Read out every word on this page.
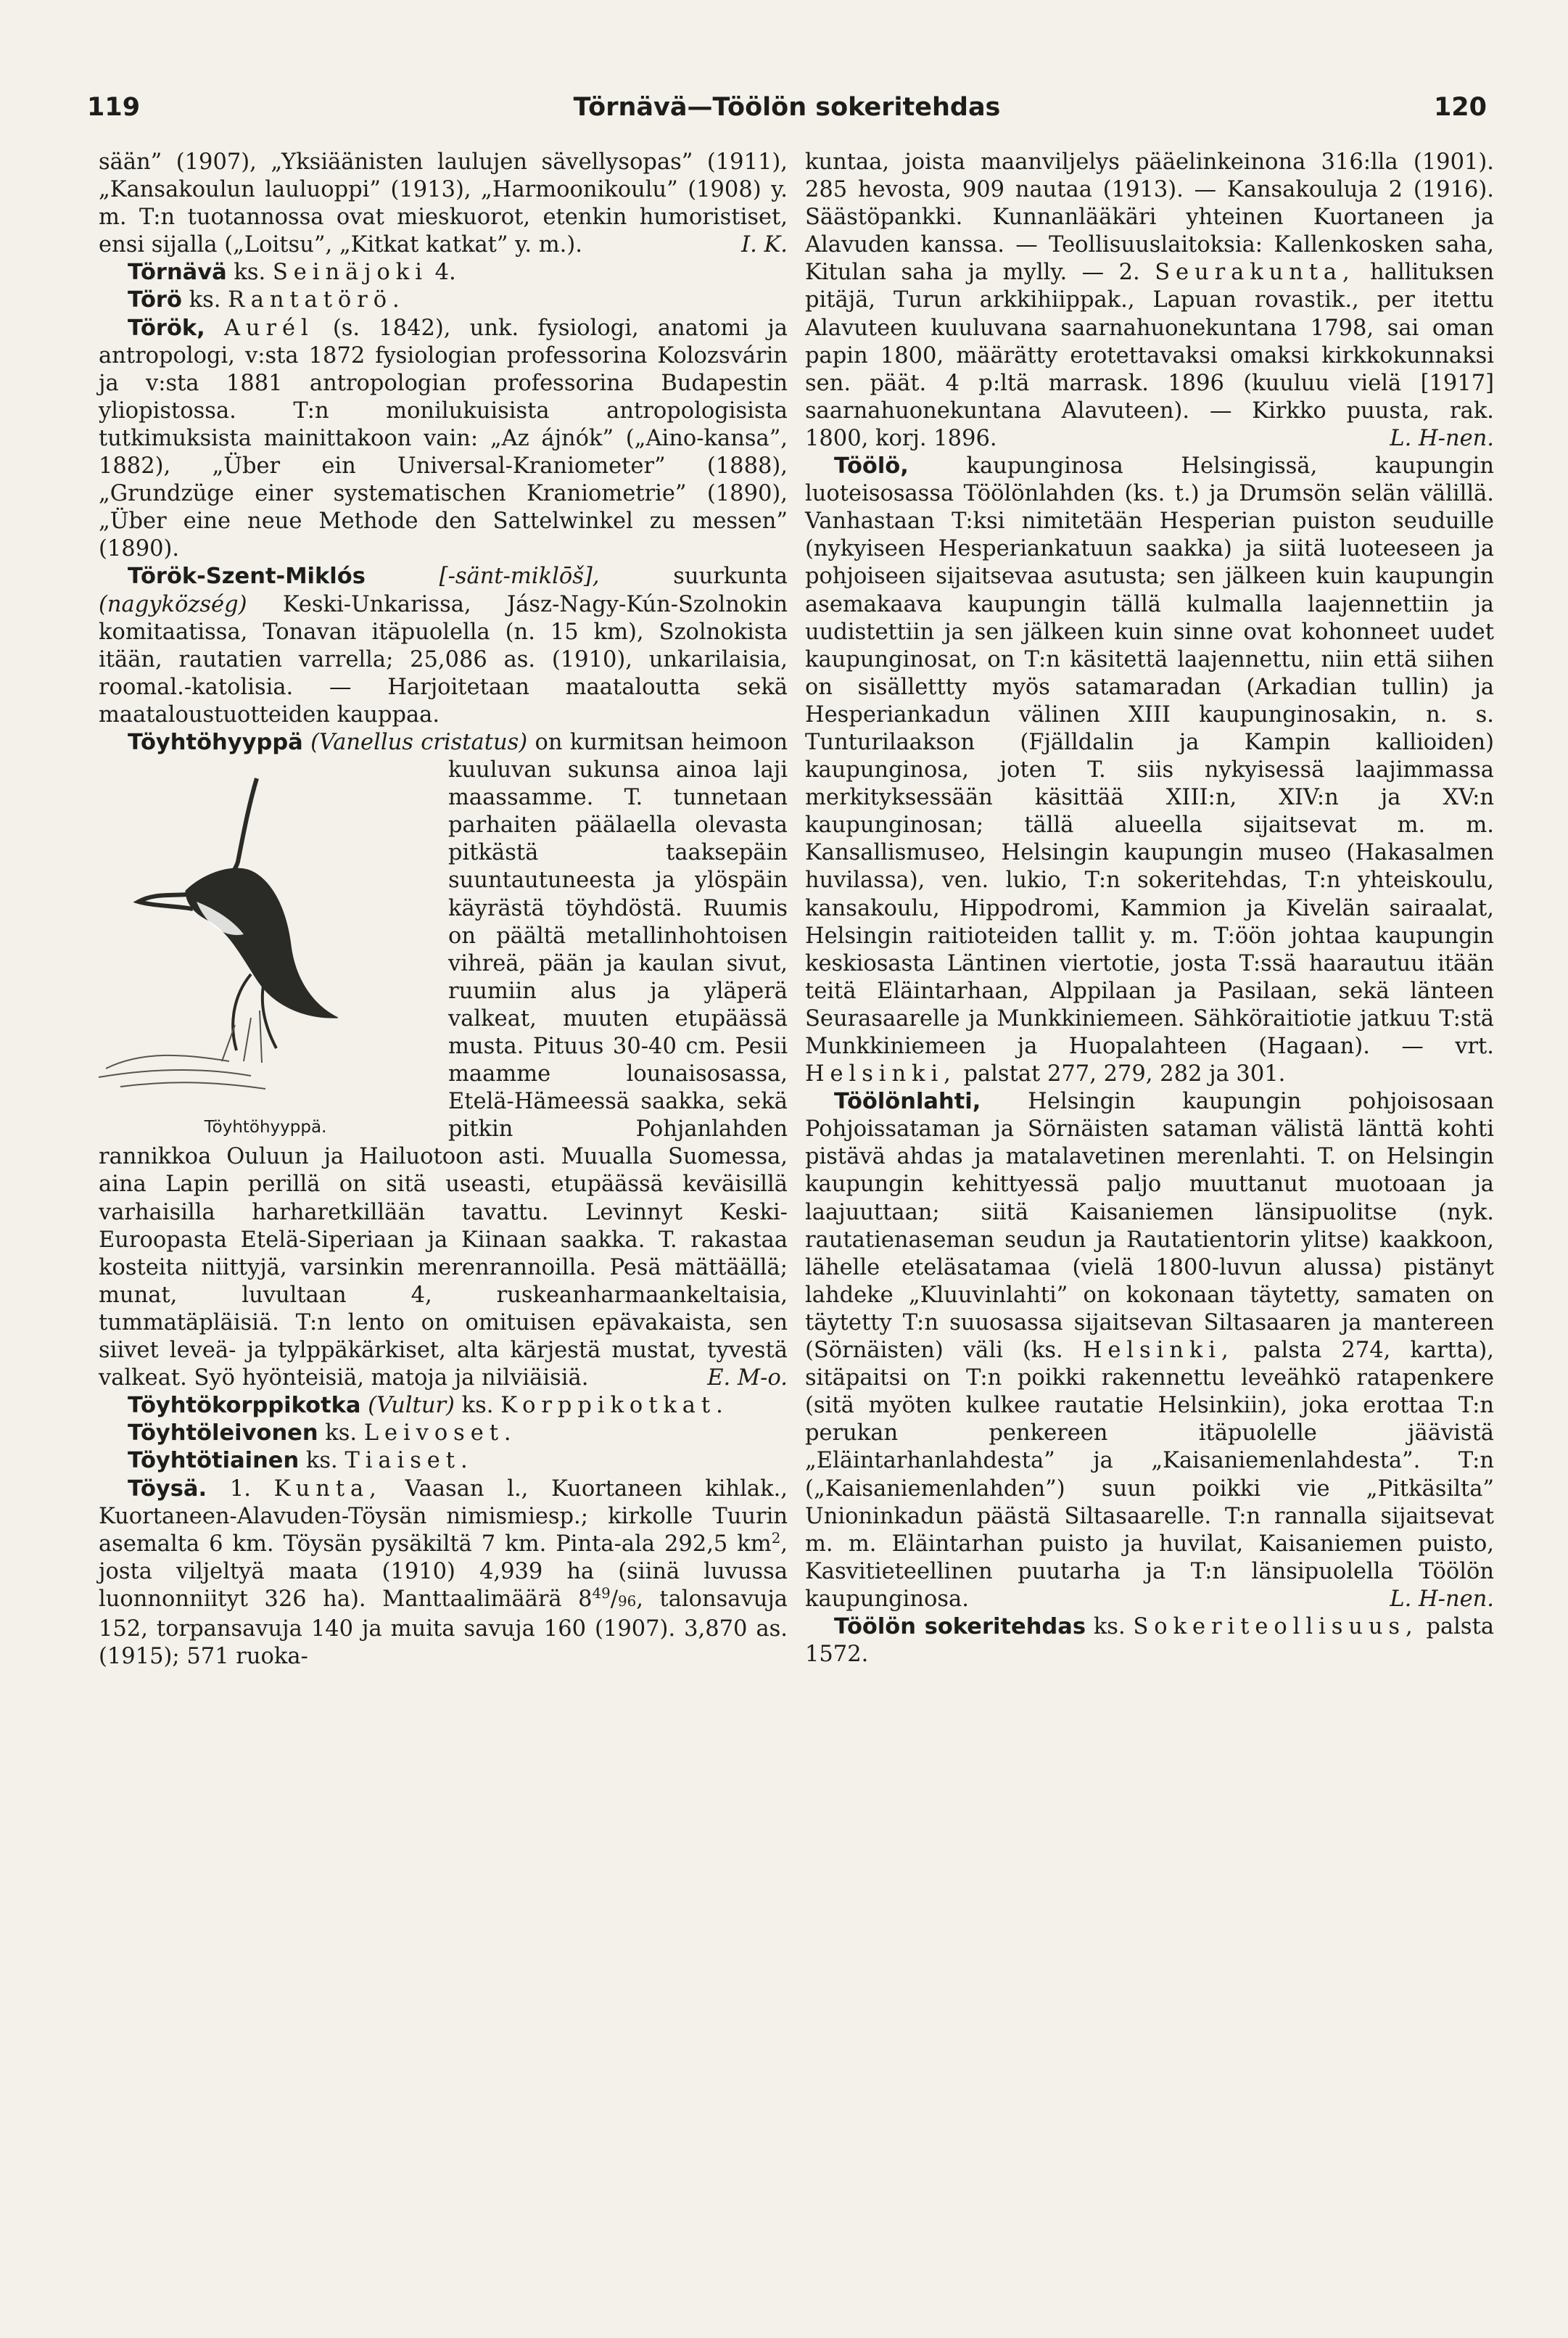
119	Törnävä—Töölön sokeritehdas	120

sään” (1907), „Yksiäänisten laulujen sävellysopas” (1911), „Kansakoulun lauluoppi” (1913), „Harmoonikoulu” (1908) y. m. T:n tuotannossa ovat mieskuorot, etenkin humoristiset, ensi sijalla („Loitsu”, „Kitkat katkat” y. m.).	I. K.

Törnävä ks. Seinäjoki 4.

Törö ks. Rantatörö.

Török, Aurél (s. 1842), unk. fysiologi, anatomi ja antropologi, v:sta 1872 fysiologian professorina Kolozsvárin ja v:sta 1881 antropologian professorina Budapestin yliopistossa. T:n monilukuisista antropologisista tutkimuksista mainittakoon vain: „Az ájnók” („Aino-kansa”, 1882), „Über ein Universal-Kraniometer” (1888), „Grundzüge einer systematischen Kraniometrie” (1890), „Über eine neue Methode den Sattelwinkel zu messen” (1890).

Török-Szent-Miklós	[-sänt-miklōš],	suurkunta (nagyközség) Keski-Unkarissa, Jász-Nagy-Kún-Szolnokin komitaatissa, Tonavan itäpuolella (n. 15 km), Szolnokista itään, rautatien varrella; 25,086 as. (1910), unkarilaisia, roomal.-katolisia. — Harjoitetaan maataloutta sekä maataloustuotteiden kauppaa.

Töyhtöhyyppä (Vanellus cristatus) on kurmitsan heimoon kuuluvan sukunsa ainoa laji
Töyhtöhyyppä.
maassamme. T. tunnetaan parhaiten päälaella olevasta pitkästä taaksepäin suuntautuneesta ja ylöspäin käyrästä töyhdöstä. Ruumis on päältä metallinhohtoisen vihreä, pään ja kaulan sivut, ruumiin alus ja yläperä valkeat, muuten etupäässä musta. Pituus 30-40 cm. Pesii maamme lounaisosassa, Etelä-Hämeessä saakka, sekä pitkin Pohjanlahden rannikkoa Ouluun ja Hailuotoon asti. Muualla Suomessa, aina Lapin perillä on sitä useasti, etupäässä keväisillä varhaisilla harharetkillään tavattu. Levinnyt Keski-Euroopasta Etelä-Siperiaan ja Kiinaan saakka. T. rakastaa kosteita niittyjä, varsinkin merenrannoilla. Pesä mättäällä; munat, luvultaan 4, ruskeanharmaankeltaisia, tummatäpläisiä. T:n lento on omituisen epävakaista, sen siivet leveä- ja tylppäkärkiset, alta kärjestä mustat, tyvestä valkeat. Syö hyönteisiä, matoja ja nilviäisiä.	E. M-o.

Töyhtökorppikotka (Vultur) ks. Korppikotkat.

Töyhtöleivonen ks. Leivoset.

Töyhtötiainen ks. Tiaiset.

Töysä. 1. Kunta, Vaasan l., Kuortaneen kihlak., Kuortaneen-Alavuden-Töysän nimismiesp.; kirkolle Tuurin asemalta 6 km. Töysän pysäkiltä 7 km. Pinta-ala 292,5 $km^2$, josta viljeltyä maata (1910) 4,939 ha (siinä luvussa luonnonniityt 326 ha). Manttaalimäärä $8^{49}/96$, talonsavuja 152, torpansavuja 140 ja muita savuja 160 (1907). 3,870 as. (1915); 571 ruoka-

kuntaa, joista maanviljelys pääelinkeinona 316:lla (1901). 285 hevosta, 909 nautaa (1913). — Kansakouluja 2 (1916). Säästöpankki. Kunnanlääkäri yhteinen Kuortaneen ja Alavuden kanssa. — Teollisuuslaitoksia: Kallenkosken saha, Kitulan saha ja mylly. — 2. Seurakunta, hallituksen pitäjä, Turun arkkihiippak., Lapuan rovastik., per itettu Alavuteen kuuluvana saarnahuonekuntana 1798, sai oman papin 1800, määrätty erotettavaksi omaksi kirkkokunnaksi sen. päät. 4 p:ltä marrask. 1896 (kuuluu vielä [1917] saarnahuonekuntana Alavuteen). — Kirkko puusta, rak. 1800, korj. 1896.	L. H-nen.

Töölö,	kaupunginosa Helsingissä, kaupungin luoteisosassa Töölönlahden (ks. t.) ja Drumsön selän välillä. Vanhastaan T:ksi nimitetään Hesperian puiston seuduille (nykyiseen Hesperiankatuun saakka) ja siitä luoteeseen ja pohjoiseen sijaitsevaa asutusta; sen jälkeen kuin kaupungin asemakaava kaupungin tällä kulmalla laajennettiin ja uudistettiin ja sen jälkeen kuin sinne ovat kohonneet uudet kaupunginosat, on T:n käsitettä laajennettu, niin että siihen on sisällettty myös satamaradan (Arkadian tullin) ja Hesperiankadun välinen XIII kaupunginosakin, n. s. Tunturilaakson (Fjälldalin ja Kampin kallioiden) kaupunginosa, joten T. siis nykyisessä laajimmassa merkityksessään käsittää XIII:n, XIV:n ja XV:n kaupunginosan; tällä alueella sijaitsevat m. m. Kansallismuseo, Helsingin kaupungin museo (Hakasalmen huvilassa), ven. lukio, T:n sokeritehdas, T:n yhteiskoulu, kansakoulu, Hippodromi, Kammion ja Kivelän sairaalat, Helsingin raitioteiden tallit y. m. T:öön johtaa kaupungin keskiosasta Läntinen viertotie, josta T:ssä haarautuu itään teitä Eläintarhaan, Alppilaan ja Pasilaan, sekä länteen Seurasaarelle ja Munkkiniemeen. Sähköraitiotie jatkuu T:stä Munkkiniemeen ja Huopalahteen (Hagaan). — vrt. Helsinki, palstat 277, 279, 282 ja 301.

Töölönlahti, Helsingin kaupungin pohjoisosaan Pohjoissataman ja Sörnäisten sataman välistä länttä kohti pistävä ahdas ja matalavetinen merenlahti. T. on Helsingin kaupungin kehittyessä paljo muuttanut muotoaan ja laajuuttaan; siitä Kaisaniemen länsipuolitse (nyk. rautatienaseman seudun ja Rautatientorin ylitse) kaakkoon, lähelle eteläsatamaa (vielä 1800-luvun alussa) pistänyt lahdeke „Kluuvinlahti” on kokonaan täytetty, samaten on täytetty T:n suuosassa sijaitsevan Siltasaaren ja mantereen (Sörnäisten) väli (ks. Helsinki, palsta 274, kartta), sitäpaitsi on T:n poikki rakennettu leveähkö ratapenkere (sitä myöten kulkee rautatie Helsinkiin), joka erottaa T:n perukan penkereen itäpuolelle jäävistä „Eläintarhanlahdesta” ja „Kaisaniemenlahdesta”. T:n („Kaisaniemenlahden”) suun poikki vie „Pitkäsilta” Unioninkadun päästä Siltasaarelle. T:n rannalla sijaitsevat m. m. Eläintarhan puisto ja huvilat, Kaisaniemen puisto, Kasvitieteellinen puutarha ja T:n länsipuolella Töölön kaupunginosa.	L. H-nen.

Töölön sokeritehdas ks. Sokeriteollisuus, palsta 1572.
